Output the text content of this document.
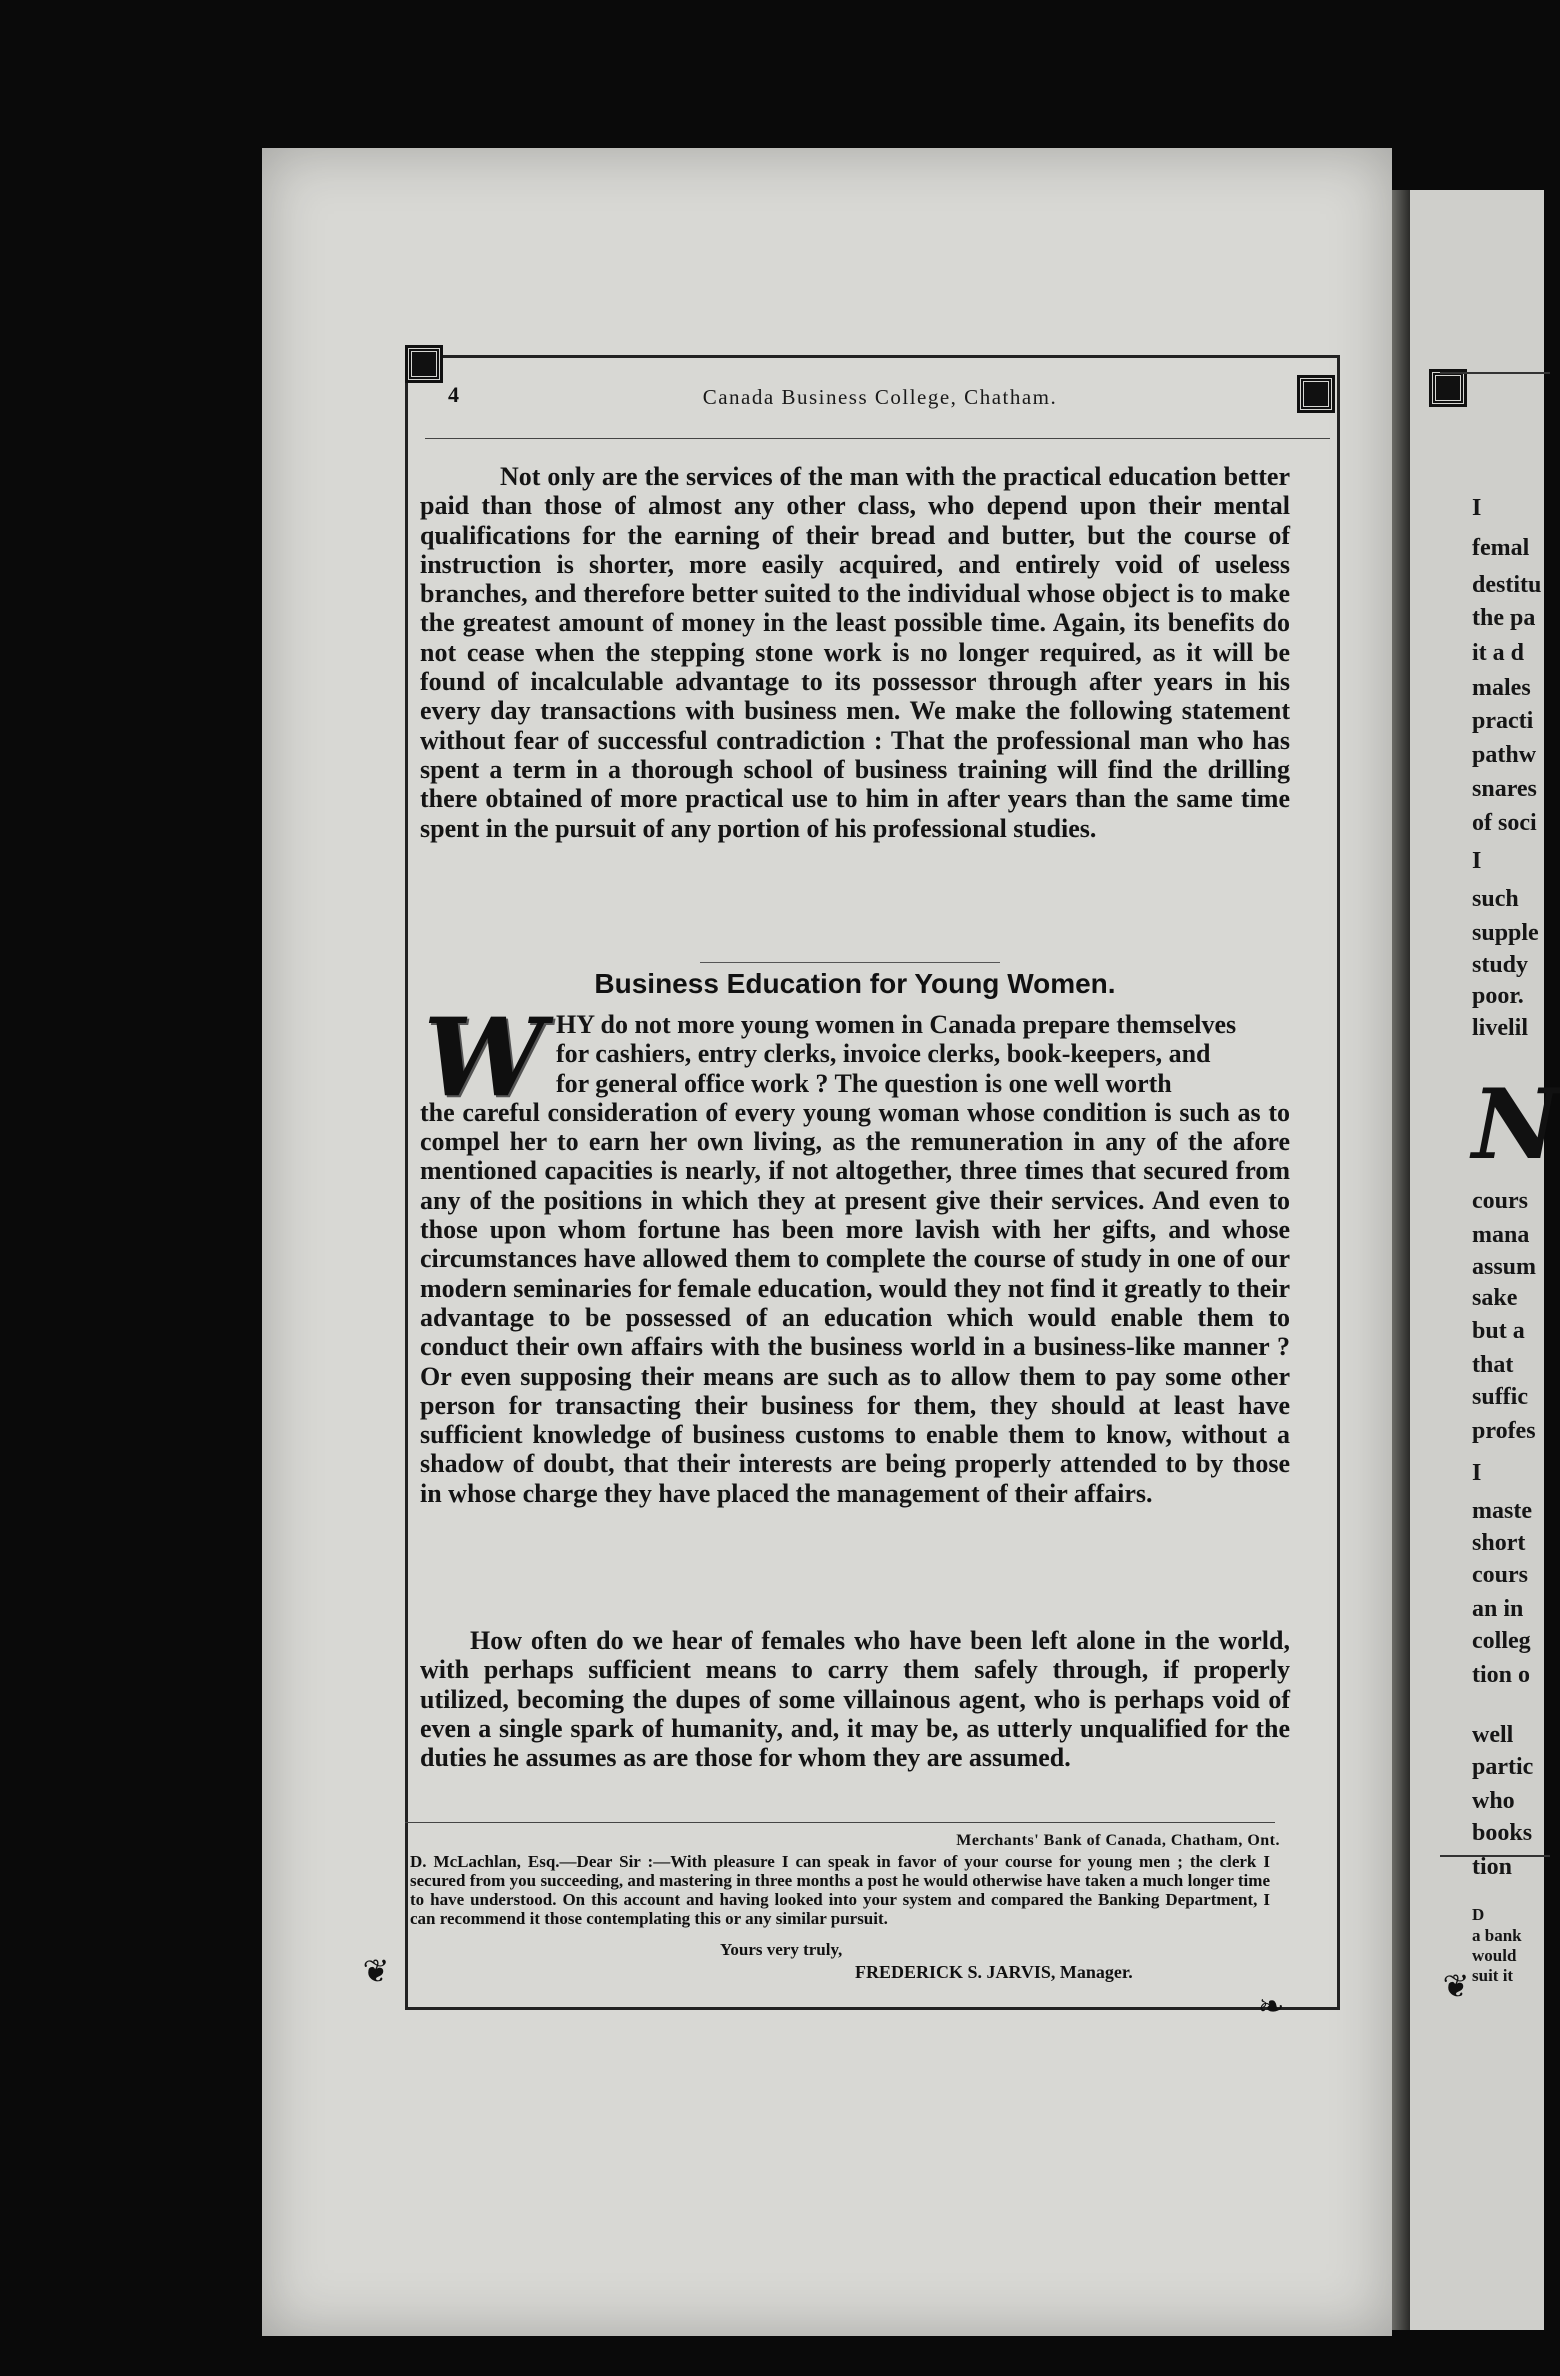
❦
❧
4	Canada Business College, Chatham.
Not only are the services of the man with the practical education better paid than those of almost any other class, who depend upon their mental qualifications for the earning of their bread and butter, but the course of instruction is shorter, more easily acquired, and entirely void of useless branches, and therefore better suited to the individual whose object is to make the greatest amount of money in the least possible time. Again, its benefits do not cease when the stepping stone work is no longer required, as it will be found of incalculable advantage to its possessor through after years in his every day transactions with business men. We make the following statement without fear of successful contradiction : That the professional man who has spent a term in a thorough school of business training will find the drilling there obtained of more practical use to him in after years than the same time spent in the pursuit of any portion of his professional studies.
Business Education for Young Women.
W HY do not more young women in Canada prepare themselves
for cashiers, entry clerks, invoice clerks, book-keepers, and
for general office work ? The question is one well worth
the careful consideration of every young woman whose condition is such as to compel her to earn her own living, as the remuneration in any of the afore mentioned capacities is nearly, if not altogether, three times that secured from any of the positions in which they at present give their services. And even to those upon whom fortune has been more lavish with her gifts, and whose circumstances have allowed them to complete the course of study in one of our modern seminaries for female education, would they not find it greatly to their advantage to be possessed of an education which would enable them to conduct their own affairs with the business world in a business-like manner ? Or even supposing their means are such as to allow them to pay some other person for transacting their business for them, they should at least have sufficient knowledge of business customs to enable them to know, without a shadow of doubt, that their interests are being properly attended to by those in whose charge they have placed the management of their affairs.
How often do we hear of females who have been left alone in the world, with perhaps sufficient means to carry them safely through, if properly utilized, becoming the dupes of some villainous agent, who is perhaps void of even a single spark of humanity, and, it may be, as utterly unqualified for the duties he assumes as are those for whom they are assumed.
Merchants' Bank of Canada, Chatham, Ont.
D. McLachlan, Esq.—Dear Sir :—With pleasure I can speak in favor of your course for young men ; the clerk I secured from you succeeding, and mastering in three months a post he would otherwise have taken a much longer time to have understood. On this account and having looked into your system and compared the Banking Department, I can recommend it those contemplating this or any similar pursuit.
Yours very truly,
FREDERICK S. JARVIS, Manager.
I
femal
destitu
the pa
it a d
males
practi
pathw
snares
of soci
I
such
supple
study
poor.
livelil
cours
mana
assum
sake
but a
that
suffic
profes
I
maste
short
cours
an in
colleg
tion o
well
partic
who
books
tion
D
a bank
would
suit it
N
❦
